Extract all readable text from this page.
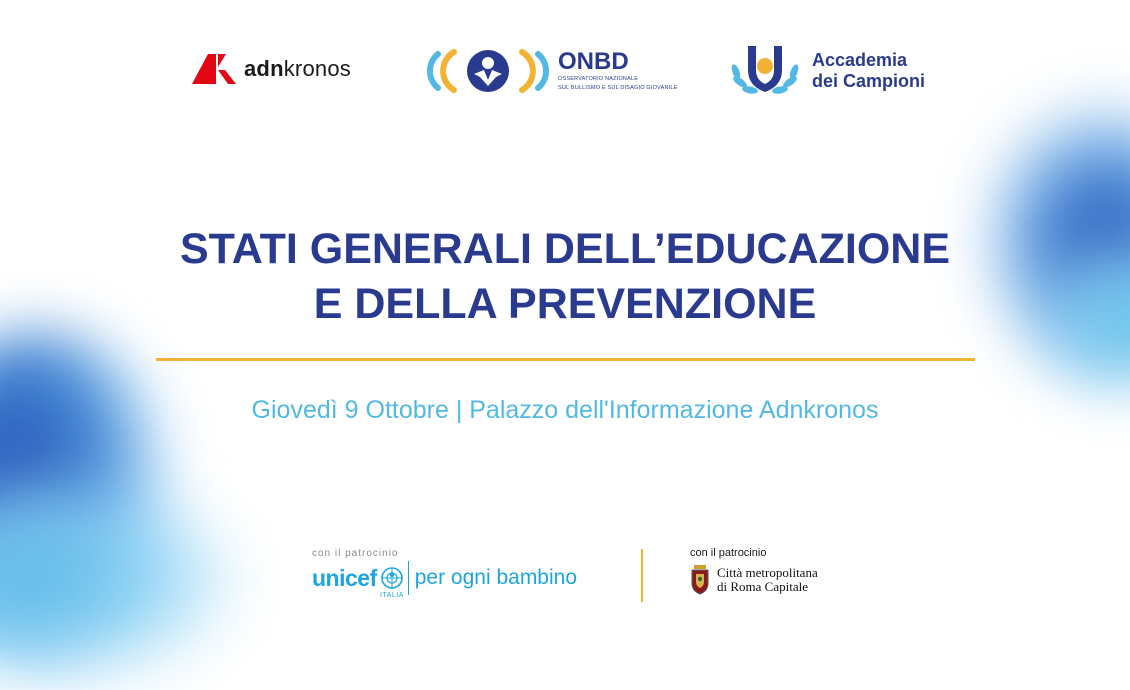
adnkronos	ONBD
OSSERVATORIO NAZIONALE
SUL BULLISMO E SUL DISAGIO GIOVANILE
Accademia
dei Campioni
STATI GENERALI DELL’EDUCAZIONE
E DELLA PREVENZIONE
Giovedì 9 Ottobre | Palazzo dell'Informazione Adnkronos
con il patrocinio
unicef per ogni bambino
ITALIA
con il patrocinio
Città metropolitana
di Roma Capitale
